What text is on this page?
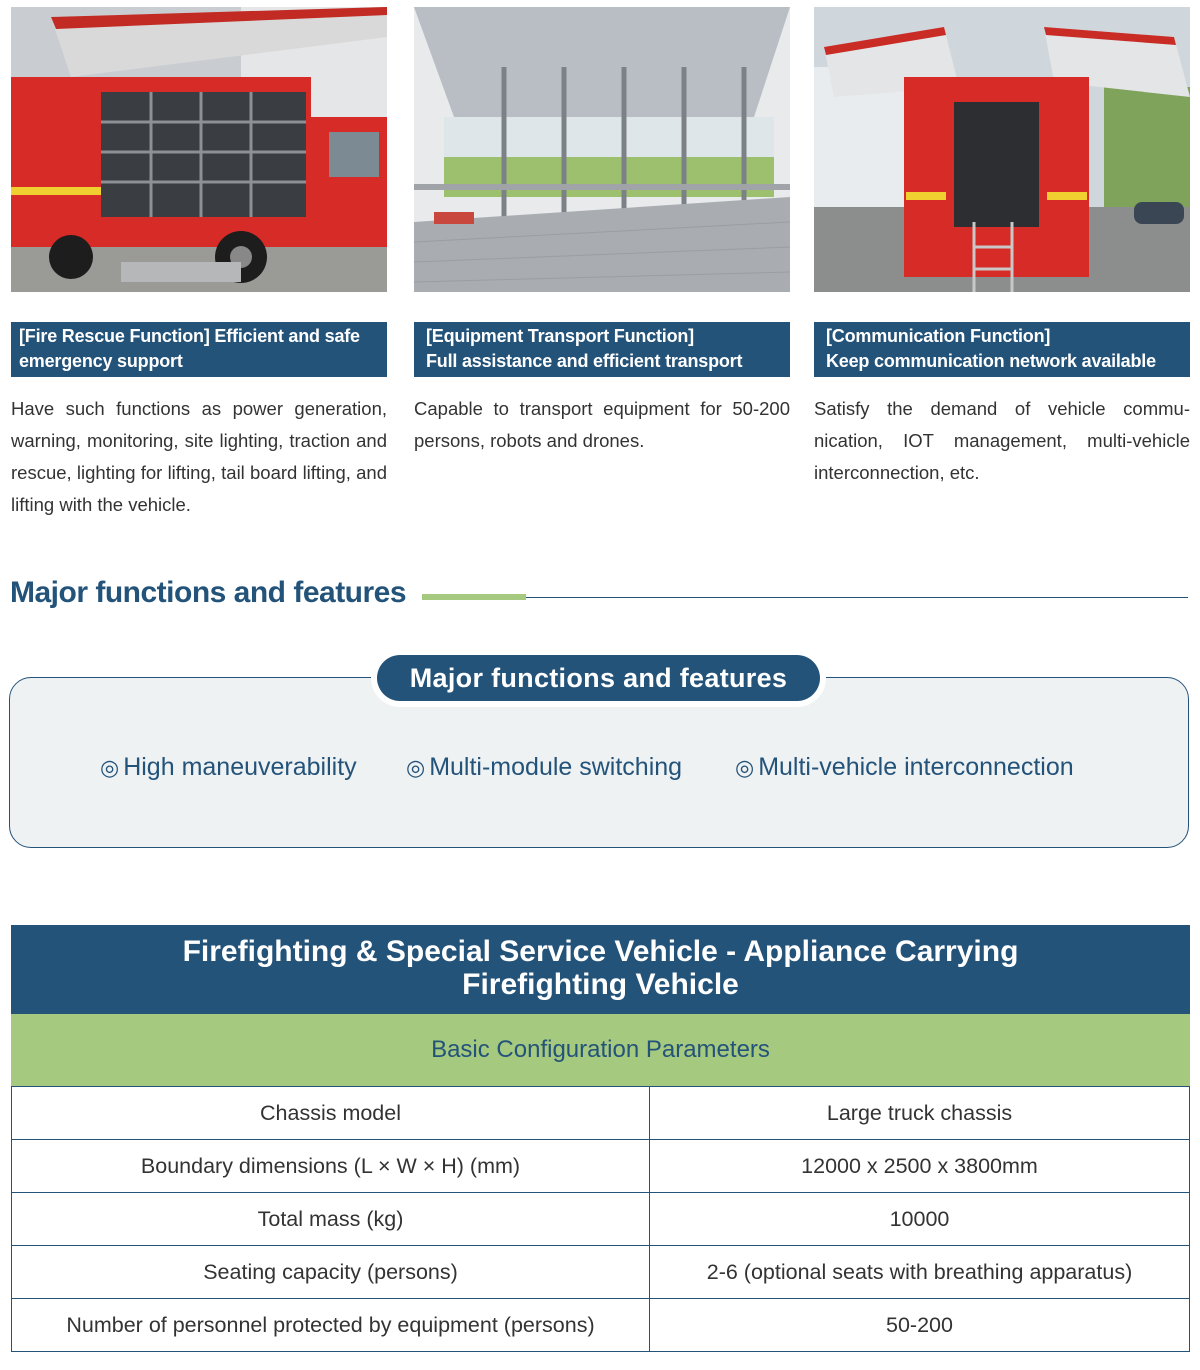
[Fire Rescue Function] Efficient and safe
emergency support
[Equipment Transport Function]
Full assistance and efficient transport
[Communication Function]
Keep communication network available
Have such functions as power generation, warning, monitoring, site lighting, traction and rescue, lighting for lifting, tail board lifting, and lifting with the vehicle.
Capable to transport equipment for 50-200 persons, robots and drones.
Satisfy the demand of vehicle communication, IOT management, multi-vehicle interconnection, etc.
Major functions and features
Major functions and features
◎ High maneuverability ◎ Multi-module switching ◎ Multi-vehicle interconnection
Firefighting & Special Service Vehicle - Appliance Carrying
Firefighting Vehicle
Basic Configuration Parameters
Chassis model	Large truck chassis
Boundary dimensions (L × W × H) (mm)	12000 x 2500 x 3800mm
Total mass (kg)	10000
Seating capacity (persons)	2-6 (optional seats with breathing apparatus)
Number of personnel protected by equipment (persons)	50-200
